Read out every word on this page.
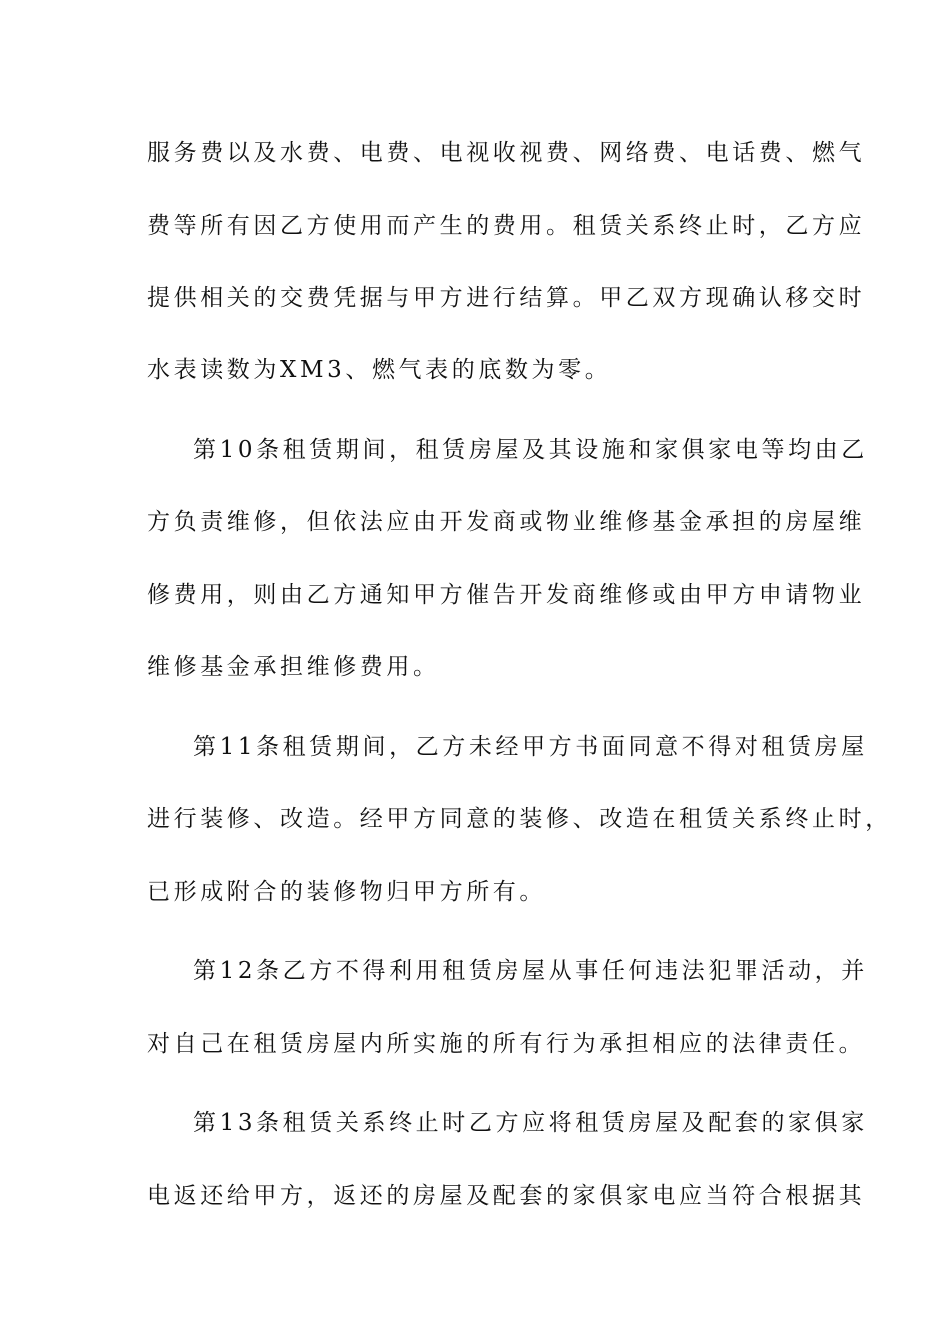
服务费以及水费、电费、电视收视费、网络费、电话费、燃气
费等所有因乙方使用而产生的费用。租赁关系终止时，乙方应
提供相关的交费凭据与甲方进行结算。甲乙双方现确认移交时
水表读数为XM3、燃气表的底数为零。
第10条租赁期间，租赁房屋及其设施和家俱家电等均由乙
方负责维修，但依法应由开发商或物业维修基金承担的房屋维
修费用，则由乙方通知甲方催告开发商维修或由甲方申请物业
维修基金承担维修费用。
第11条租赁期间，乙方未经甲方书面同意不得对租赁房屋
进行装修、改造。经甲方同意的装修、改造在租赁关系终止时，
已形成附合的装修物归甲方所有。
第12条乙方不得利用租赁房屋从事任何违法犯罪活动，并
对自己在租赁房屋内所实施的所有行为承担相应的法律责任。
第13条租赁关系终止时乙方应将租赁房屋及配套的家俱家
电返还给甲方，返还的房屋及配套的家俱家电应当符合根据其
